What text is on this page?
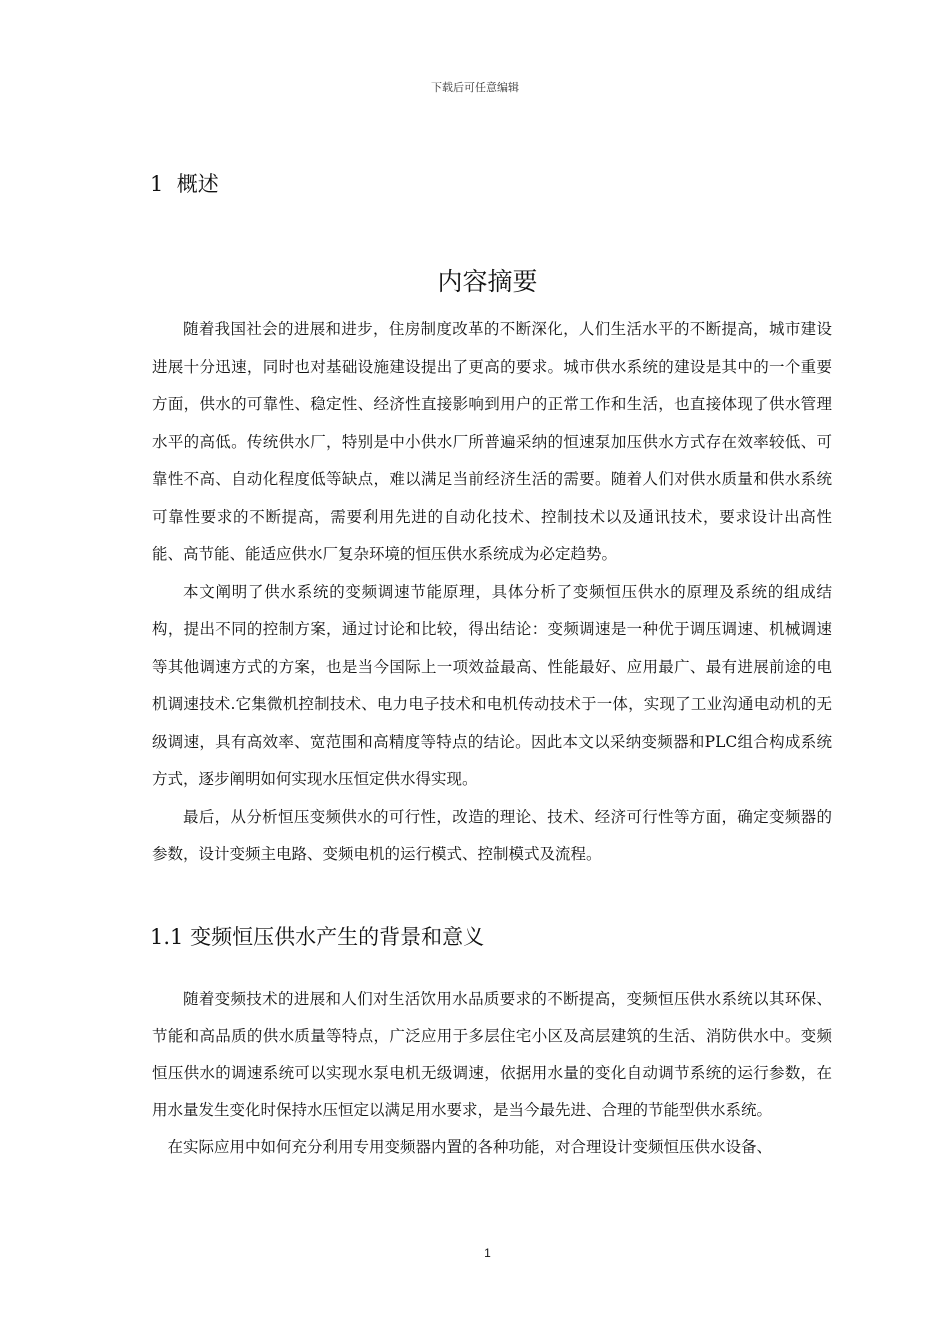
下载后可任意编辑
1  概述
内容摘要

随着我国社会的进展和进步，住房制度改革的不断深化，人们生活水平的不断提高，城市建设进展十分迅速，同时也对基础设施建设提出了更高的要求。城市供水系统的建设是其中的一个重要方面，供水的可靠性、稳定性、经济性直接影响到用户的正常工作和生活，也直接体现了供水管理水平的高低。传统供水厂，特别是中小供水厂所普遍采纳的恒速泵加压供水方式存在效率较低、可靠性不高、自动化程度低等缺点，难以满足当前经济生活的需要。随着人们对供水质量和供水系统可靠性要求的不断提高，需要利用先进的自动化技术、控制技术以及通讯技术，要求设计出高性能、高节能、能适应供水厂复杂环境的恒压供水系统成为必定趋势。

本文阐明了供水系统的变频调速节能原理，具体分析了变频恒压供水的原理及系统的组成结构，提出不同的控制方案，通过讨论和比较，得出结论：变频调速是一种优于调压调速、机械调速等其他调速方式的方案，也是当今国际上一项效益最高、性能最好、应用最广、最有进展前途的电机调速技术.它集微机控制技术、电力电子技术和电机传动技术于一体，实现了工业沟通电动机的无级调速，具有高效率、宽范围和高精度等特点的结论。因此本文以采纳变频器和PLC组合构成系统方式，逐步阐明如何实现水压恒定供水得实现。

最后，从分析恒压变频供水的可行性，改造的理论、技术、经济可行性等方面，确定变频器的参数，设计变频主电路、变频电机的运行模式、控制模式及流程。

1.1 变频恒压供水产生的背景和意义

随着变频技术的进展和人们对生活饮用水品质要求的不断提高，变频恒压供水系统以其环保、节能和高品质的供水质量等特点，广泛应用于多层住宅小区及高层建筑的生活、消防供水中。变频恒压供水的调速系统可以实现水泵电机无级调速，依据用水量的变化自动调节系统的运行参数，在用水量发生变化时保持水压恒定以满足用水要求，是当今最先进、合理的节能型供水系统。

在实际应用中如何充分利用专用变频器内置的各种功能，对合理设计变频恒压供水设备、

1
